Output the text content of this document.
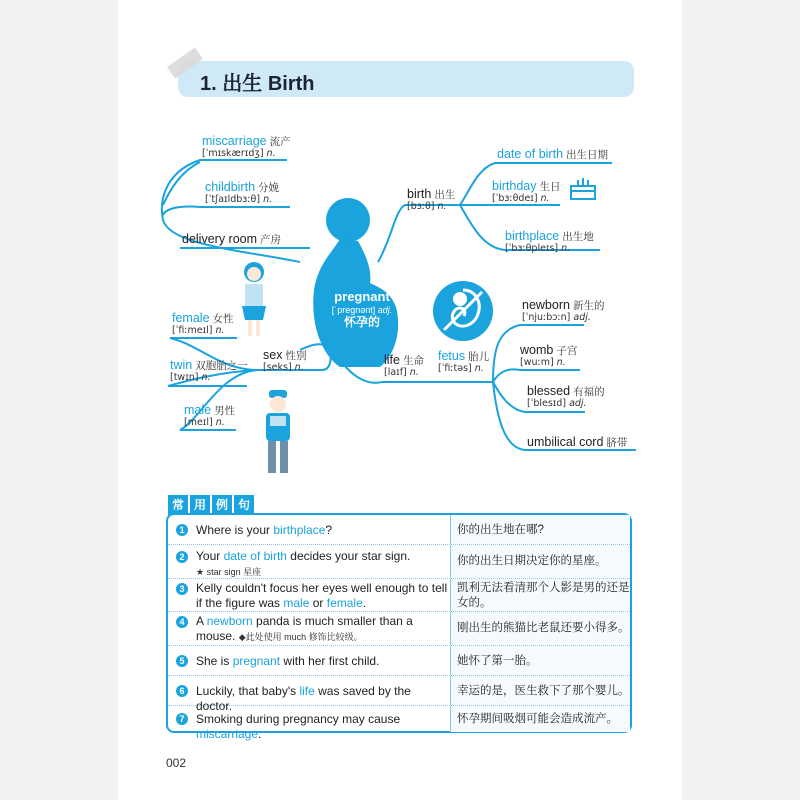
1. 出生 Birth
pregnant
[ˈpregnənt] adj.
怀孕的
miscarriage 流产
[ˈmɪskærɪdʒ] n.
childbirth 分娩
[ˈtʃaɪldbɜːθ] n.
delivery room 产房
birth 出生
[bɜːθ] n.
date of birth 出生日期
birthday 生日
[ˈbɜːθdeɪ] n.
birthplace 出生地
[ˈbɜːθpleɪs] n.
female 女性
[ˈfiːmeɪl] n.
twin 双胞胎之一
[twɪn] n.
male 男性
[meɪl] n.
sex 性别
[seks] n.
life 生命
[laɪf] n.
fetus 胎儿
[ˈfiːtəs] n.
newborn 新生的
[ˈnjuːbɔːn] adj.
womb 子宫
[wuːm] n.
blessed 有福的
[ˈblesɪd] adj.
umbilical cord 脐带
常 用 例 句
1 Where is your birthplace?	你的出生地在哪?
2 Your date of birth decides your star sign.
★ star sign 星座
你的出生日期决定你的星座。
3 Kelly couldn't focus her eyes well enough to tell if the figure was male or female.
凯利无法看清那个人影是男的还是女的。
4 A newborn panda is much smaller than a mouse. ◆此处使用 much 修饰比较级。
刚出生的熊猫比老鼠还要小得多。
5 She is pregnant with her first child.	她怀了第一胎。
6 Luckily, that baby's life was saved by the doctor.
幸运的是，医生救下了那个婴儿。
7 Smoking during pregnancy may cause miscarriage.
怀孕期间吸烟可能会造成流产。
002
